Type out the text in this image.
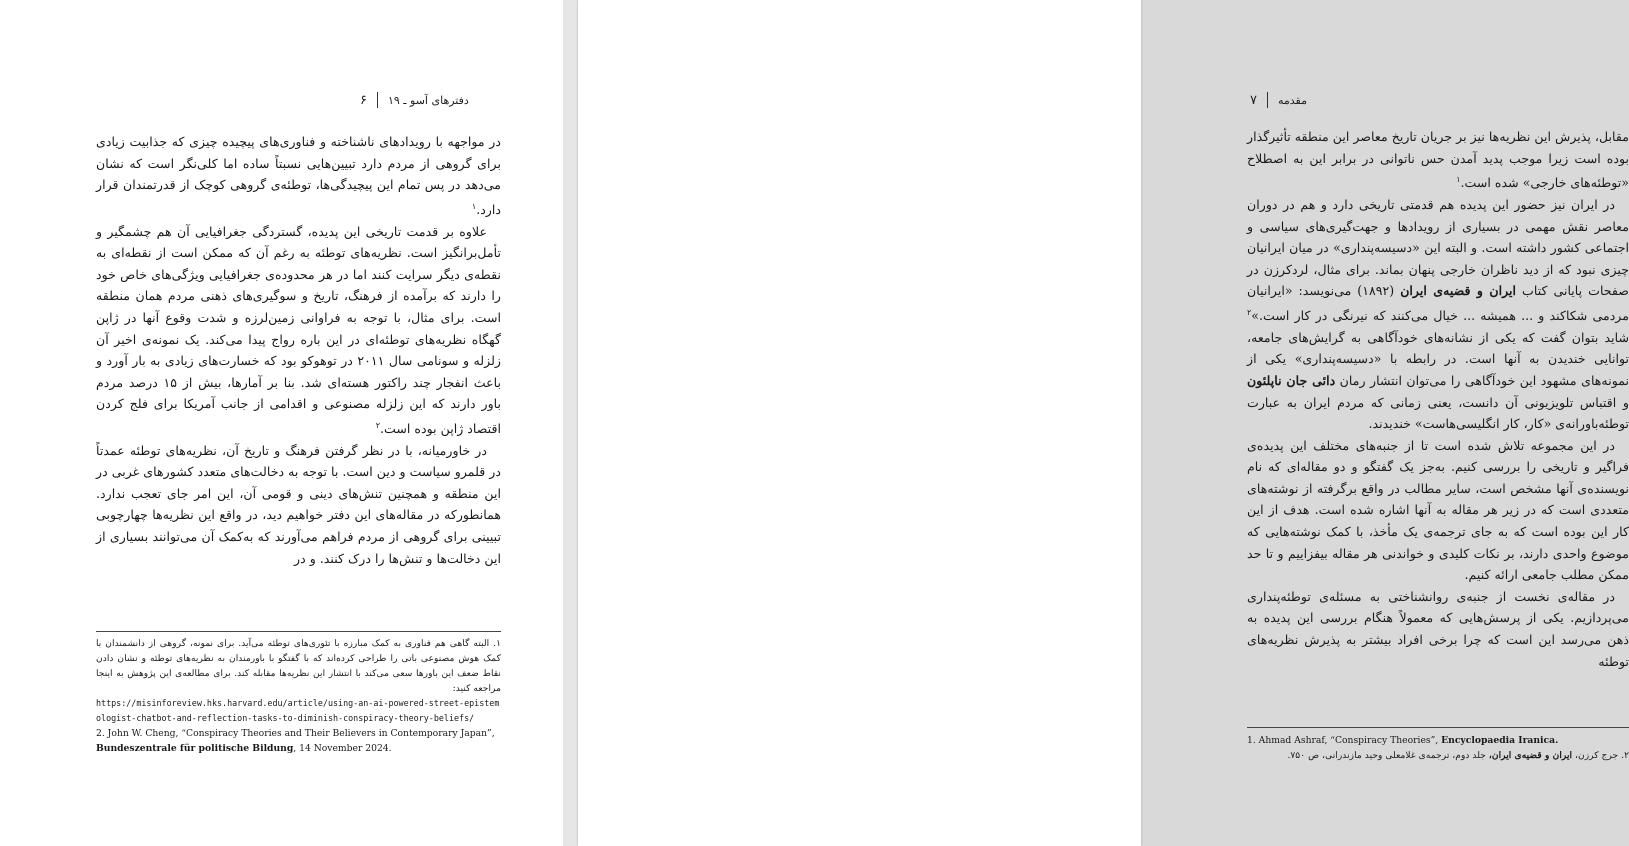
۶ دفترهای آسو ـ ۱۹

در مواجهه با رویدادهای ناشناخته و فناوری‌های پیچیده چیزی که جذابیت زیادی برای گروهی از مردم دارد تبیین‌هایی نسبتاً ساده اما کلی‌نگر است که نشان می‌دهد در پس تمام این پیچیدگی‌ها، توطئه‌ی گروهی کوچک از قدرتمندان قرار دارد.$^۱$

علاوه بر قدمت تاریخی این پدیده، گستردگی جغرافیایی آن هم چشمگیر و تأمل‌برانگیز است. نظریه‌های توطئه به رغم آن که ممکن است از نقطه‌ای به نقطه‌ی دیگر سرایت کنند اما در هر محدوده‌ی جغرافیایی ویژگی‌های خاص خود را دارند که برآمده از فرهنگ، تاریخ و سوگیری‌های ذهنی مردم همان منطقه است. برای مثال، با توجه به فراوانی زمین‌لرزه و شدت وقوع آنها در ژاپن گهگاه نظریه‌های توطئه‌ای در این باره رواج پیدا می‌کند. یک نمونه‌ی اخیر آن زلزله و سونامی سال ۲۰۱۱ در توهوکو بود که خسارت‌های زیادی به بار آورد و باعث انفجار چند راکتور هسته‌ای شد. بنا بر آمارها، بیش از ۱۵ درصد مردم باور دارند که این زلزله مصنوعی و اقدامی از جانب آمریکا برای فلج کردن اقتصاد ژاپن بوده است.$^۲$

در خاورمیانه، با در نظر گرفتن فرهنگ و تاریخ آن، نظریه‌های توطئه عمدتاً در قلمرو سیاست و دین است. با توجه به دخالت‌های متعدد کشورهای غربی در این منطقه و همچنین تنش‌های دینی و قومی آن، این امر جای تعجب ندارد. همانطورکه در مقاله‌های این دفتر خواهیم دید، در واقع این نظریه‌ها چهارچوبی تبیینی برای گروهی از مردم فراهم می‌آورند که به‌کمک آن می‌توانند بسیاری از این دخالت‌ها و تنش‌ها را درک کنند. و در

۱. البته گاهی هم فناوری به کمک مبارزه با تئوری‌های توطئه می‌آید. برای نمونه، گروهی از دانشمندان با کمک هوش مصنوعی باتی را طراحی کرده‌اند که با گفتگو با باورمندان به نظریه‌های توطئه و نشان دادن نقاط ضعف این باورها سعی می‌کند با انتشار این نظریه‌ها مقابله کند. برای مطالعه‌ی این پژوهش به اینجا مراجعه کنید:

https://misinforeview.hks.harvard.edu/article/using-an-ai-powered-street-epistemologist-chatbot-and-reflection-tasks-to-diminish-conspiracy-theory-beliefs/

2. John W. Cheng, “Conspiracy Theories and Their Believers in Contemporary Japan”, Bundeszentrale für politische Bildung, 14 November 2024.

۷ مقدمه

مقابل، پذیرش این نظریه‌ها نیز بر جریان تاریخ معاصر این منطقه تأثیرگذار بوده است زیرا موجب پدید آمدن حس ناتوانی در برابر این به اصطلاح «توطئه‌های خارجی» شده است.$^۱$

در ایران نیز حضور این پدیده هم قدمتی تاریخی دارد و هم در دوران معاصر نقش مهمی در بسیاری از رویدادها و جهت‌گیری‌های سیاسی و اجتماعی کشور داشته است. و البته این «دسیسه‌پنداری» در میان ایرانیان چیزی نبود که از دید ناظران خارجی پنهان بماند. برای مثال، لردکرزن در صفحات پایانی کتاب ایران و قضیه‌ی ایران (۱۸۹۲) می‌نویسد: «ایرانیان مردمی شکاکند و ... همیشه ... خیال می‌کنند که نیرنگی در کار است.»$^۲$ شاید بتوان گفت که یکی از نشانه‌های خودآگاهی به گرایش‌های جامعه، توانایی خندیدن به آنها است. در رابطه با «دسیسه‌پنداری» یکی از نمونه‌های مشهود این خودآگاهی را می‌توان انتشار رمان دائی جان ناپلئون و اقتباس تلویزیونی آن دانست، یعنی زمانی که مردم ایران به عبارت توطئه‌باورانه‌ی «کار، کار انگلیسی‌هاست» خندیدند.

در این مجموعه تلاش شده است تا از جنبه‌های مختلف این پدیده‌ی فراگیر و تاریخی را بررسی کنیم. به‌جز یک گفتگو و دو مقاله‌ای که نام نویسنده‌ی آنها مشخص است، سایر مطالب در واقع برگرفته از نوشته‌های متعددی است که در زیر هر مقاله به آنها اشاره شده است. هدف از این کار این بوده است که به جای ترجمه‌ی یک مأخذ، با کمک نوشته‌هایی که موضوع واحدی دارند، بر نکات کلیدی و خواندنی هر مقاله بیفزاییم و تا حد ممکن مطلب جامعی ارائه کنیم.

در مقاله‌ی نخست از جنبه‌ی روانشناختی به مسئله‌ی توطئه‌پنداری می‌پردازیم. یکی از پرسش‌هایی که معمولاً هنگام بررسی این پدیده به ذهن می‌رسد این است که چرا برخی افراد بیشتر به پذیرش نظریه‌های توطئه

1. Ahmad Ashraf, “Conspiracy Theories”, Encyclopaedia Iranica.

۲. جرج کرزن، ایران و قضیه‌ی ایران، جلد دوم، ترجمه‌ی غلامعلی وحید مازندرانی، ص ۷۵۰.
